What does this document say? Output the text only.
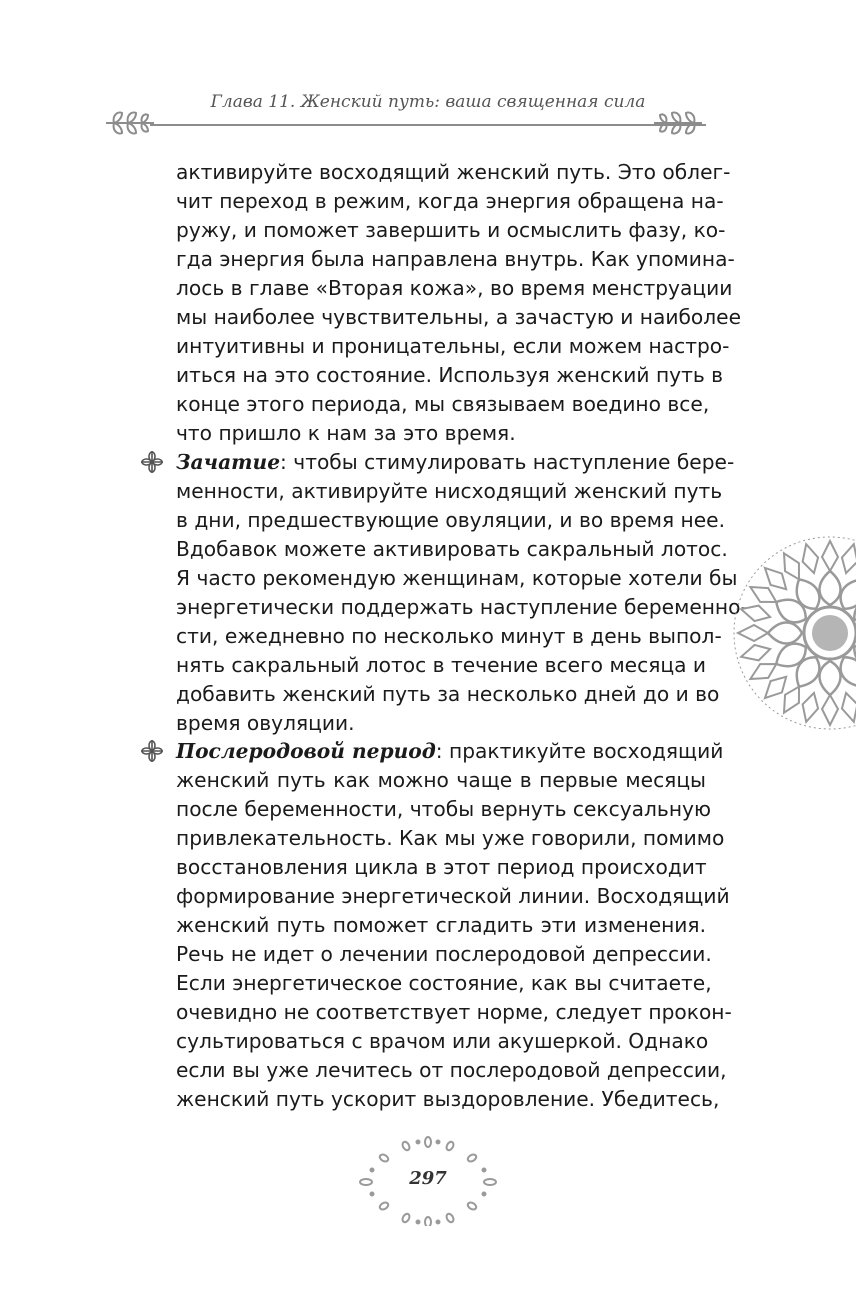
Глава 11. Женский путь: ваша священная сила
активируйте восходящий женский путь. Это облег-
чит переход в режим, когда энергия обращена на-
ружу, и поможет завершить и осмыслить фазу, ко-
гда энергия была направлена внутрь. Как упомина-
лось в главе «Вторая кожа», во время менструации
мы наиболее чувствительны, а зачастую и наиболее
интуитивны и проницательны, если можем настро-
иться на это состояние. Используя женский путь в
конце этого периода, мы связываем воедино все,
что пришло к нам за это время.
Зачатие: чтобы стимулировать наступление бере-
менности, активируйте нисходящий женский путь
в дни, предшествующие овуляции, и во время нее.
Вдобавок можете активировать сакральный лотос.
Я часто рекомендую женщинам, которые хотели бы
энергетически поддержать наступление беременно-
сти, ежедневно по несколько минут в день выпол-
нять сакральный лотос в течение всего месяца и
добавить женский путь за несколько дней до и во
время овуляции.
Послеродовой период: практикуйте восходящий
женский путь как можно чаще в первые месяцы
после беременности, чтобы вернуть сексуальную
привлекательность. Как мы уже говорили, помимо
восстановления цикла в этот период происходит
формирование энергетической линии. Восходящий
женский путь поможет сгладить эти изменения.
Речь не идет о лечении послеродовой депрессии.
Если энергетическое состояние, как вы считаете,
очевидно не соответствует норме, следует прокон-
сультироваться с врачом или акушеркой. Однако
если вы уже лечитесь от послеродовой депрессии,
женский путь ускорит выздоровление. Убедитесь,
297
